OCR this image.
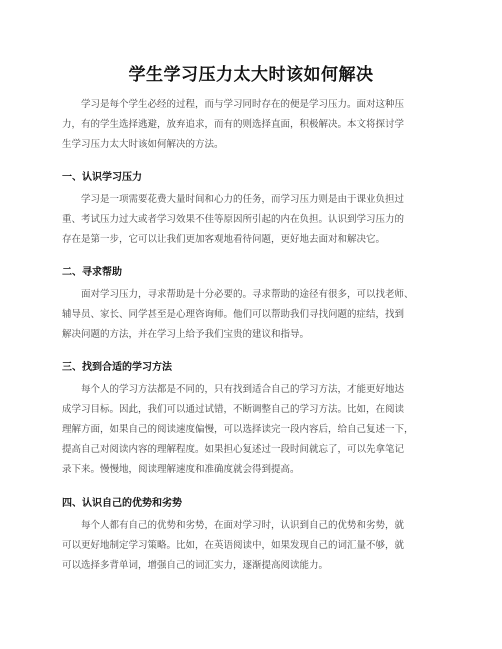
学生学习压力太大时该如何解决
学习是每个学生必经的过程，而与学习同时存在的便是学习压力。面对这种压
力，有的学生选择逃避，放弃追求，而有的则选择直面，积极解决。本文将探讨学
生学习压力太大时该如何解决的方法。
一、认识学习压力
学习是一项需要花费大量时间和心力的任务，而学习压力则是由于课业负担过
重、考试压力过大或者学习效果不佳等原因所引起的内在负担。认识到学习压力的
存在是第一步，它可以让我们更加客观地看待问题，更好地去面对和解决它。
二、寻求帮助
面对学习压力，寻求帮助是十分必要的。寻求帮助的途径有很多，可以找老师、
辅导员、家长、同学甚至是心理咨询师。他们可以帮助我们寻找问题的症结，找到
解决问题的方法，并在学习上给予我们宝贵的建议和指导。
三、找到合适的学习方法
每个人的学习方法都是不同的，只有找到适合自己的学习方法，才能更好地达
成学习目标。因此，我们可以通过试错，不断调整自己的学习方法。比如，在阅读
理解方面，如果自己的阅读速度偏慢，可以选择读完一段内容后，给自己复述一下，
提高自己对阅读内容的理解程度。如果担心复述过一段时间就忘了，可以先拿笔记
录下来。慢慢地，阅读理解速度和准确度就会得到提高。
四、认识自己的优势和劣势
每个人都有自己的优势和劣势，在面对学习时，认识到自己的优势和劣势，就
可以更好地制定学习策略。比如，在英语阅读中，如果发现自己的词汇量不够，就
可以选择多背单词，增强自己的词汇实力，逐渐提高阅读能力。
